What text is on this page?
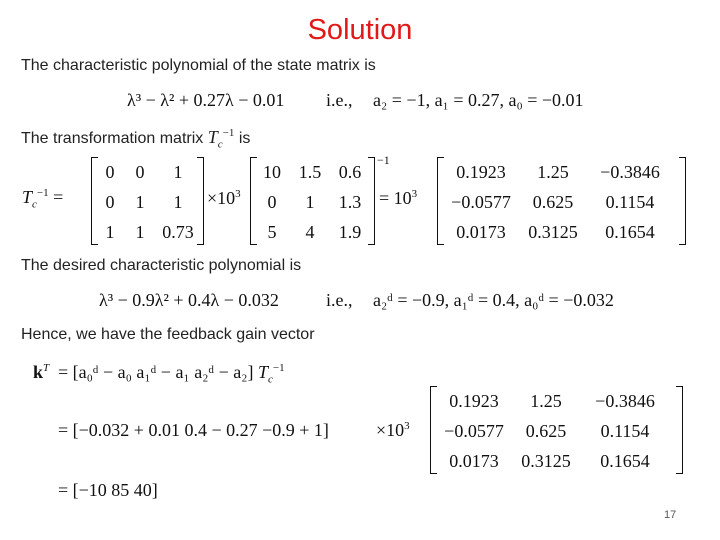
Solution
The characteristic polynomial of the state matrix is
λ³ − λ² + 0.27λ − 0.01 i.e., a₂ = −1, a₁ = 0.27, a₀ = −0.01
The transformation matrix $T_c^{-1}$ is
$T_c^{-1}$ =
0	0	1
0	1	1
1	1 0.73
$\times 10^3$
10 1.5 0.6
0	1	1.3
5	4	1.9
−1
= $10^3$
0.1923	1.25	−0.3846
−0.0577	0.625	0.1154
0.0173	0.3125	0.1654
The desired characteristic polynomial is
λ³ − 0.9λ² + 0.4λ − 0.032	i.e., a₂ᵈ = −0.9, a₁ᵈ = 0.4, a₀ᵈ = −0.032
Hence, we have the feedback gain vector
$k^T$ = [a₀ᵈ − a₀ a₁ᵈ − a₁ a₂ᵈ − a₂] $T_c^{-1}$
= [−0.032 + 0.01 0.4 − 0.27 −0.9 + 1]	$\times 10^3$
0.1923	1.25	−0.3846
−0.0577	0.625	0.1154
0.0173	0.3125	0.1654
= [−10 85 40]
17
